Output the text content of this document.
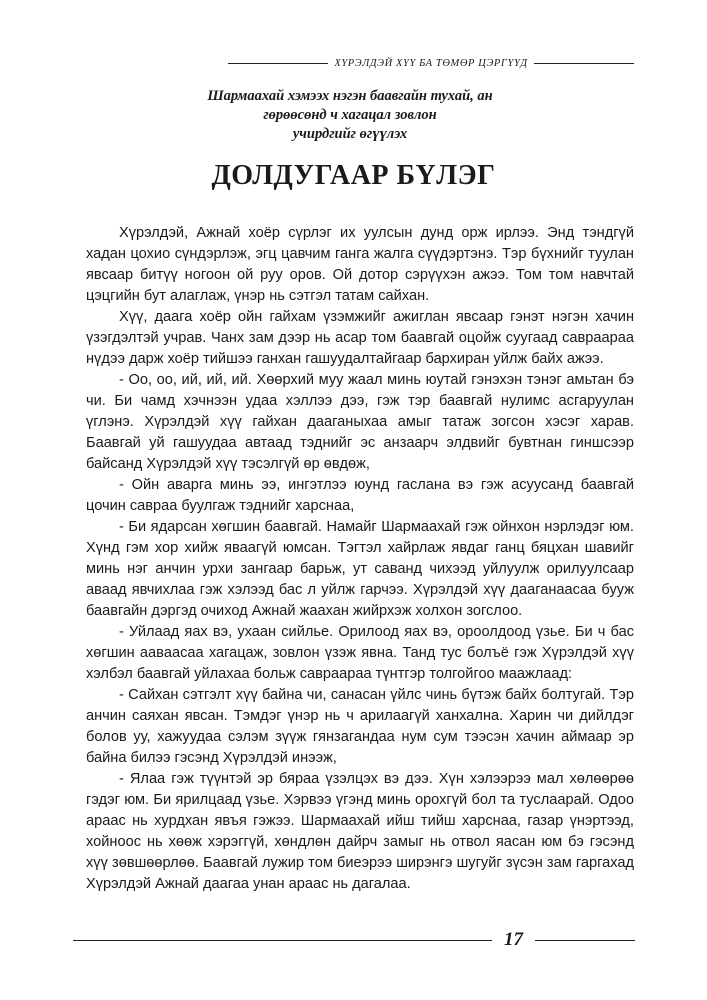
ХҮРЭЛДЭЙ ХҮҮ БА ТӨМӨР ЦЭРГҮҮД
Шармаахай хэмээх нэгэн баавгайн тухай, ан
гөрөөсөнд ч хагацал зовлон
учирдгийг өгүүлэх
ДОЛДУГААР БҮЛЭГ

Хүрэлдэй, Ажнай хоёр сүрлэг их уулсын дунд орж ирлээ. Энд тэндгүй хадан цохио сүндэрлэж, эгц цавчим ганга жалга сүүдэртэнэ. Тэр бүхнийг туулан явсаар битүү ногоон ой руу оров. Ой дотор сэрүүхэн ажээ. Том том навчтай цэцгийн бут алаглаж, үнэр нь сэтгэл татам сайхан.

Хүү, даага хоёр ойн гайхам үзэмжийг ажиглан явсаар гэнэт нэгэн хачин үзэгдэлтэй учрав. Чанх зам дээр нь асар том баавгай оцойж суугаад савраараа нүдээ дарж хоёр тийшээ ганхан гашуудалтайгаар бархиран уйлж байх ажээ.

- Оо, оо, ий, ий, ий. Хөөрхий муу жаал минь юутай гэнэхэн тэнэг амьтан бэ чи. Би чамд хэчнээн удаа хэллээ дээ, гэж тэр баавгай нулимс асгаруулан үглэнэ. Хүрэлдэй хүү гайхан дааганыхаа амыг татаж зогсон хэсэг харав. Баавгай уй гашуудаа автаад тэднийг эс анзаарч элдвийг бувтнан гиншсээр байсанд Хүрэлдэй хүү тэсэлгүй өр өвдөж,

- Ойн аварга минь ээ, ингэтлээ юунд гаслана вэ гэж асуусанд баавгай цочин савраа буулгаж тэднийг харснаа,

- Би ядарсан хөгшин баавгай. Намайг Шармаахай гэж ойнхон нэрлэдэг юм. Хүнд гэм хор хийж яваагүй юмсан. Тэгтэл хайрлаж явдаг ганц бяцхан шавийг минь нэг анчин урхи зангаар барьж, ут саванд чихээд уйлуулж орилуулсаар аваад явчихлаа гэж хэлээд бас л уйлж гарчээ. Хүрэлдэй хүү дааганаасаа бууж баавгайн дэргэд очиход Ажнай жаахан жийрхэж холхон зогслоо.

- Уйлаад яах вэ, ухаан сийлье. Орилоод яах вэ, ороолдоод үзье. Би ч бас хөгшин аавaасаа хагацаж, зовлон үзэж явна. Танд тус болъё гэж Хүрэлдэй хүү хэлбэл баавгай уйлахаа больж савраараа түнтгэр толгойгоо маажлаад:

- Сайхан сэтгэлт хүү байна чи, санасан үйлс чинь бүтэж байх болтугай. Тэр анчин саяхан явсан. Тэмдэг үнэр нь ч арилаагүй ханхална. Харин чи дийлдэг болов уу, хажуудаа сэлэм зүүж гянзагандаа нум сум тээсэн хачин аймаар эр байна билээ гэсэнд Хүрэлдэй инээж,

- Ялаа гэж түүнтэй эр бяраа үзэлцэх вэ дээ. Хүн хэлээрээ мал хөлөөрөө гэдэг юм. Би ярилцаад үзье. Хэрвээ үгэнд минь орохгүй бол та туслаарай. Одоо араас нь хурдхан явъя гэжээ. Шармаахай ийш тийш харснаа, газар үнэртээд, хойноос нь хөөж хэрэггүй, хөндлөн дайрч замыг нь отвол яасан юм бэ гэсэнд хүү зөвшөөрлөө. Баавгай лужир том биеэрээ ширэнгэ шугуйг зүсэн зам гаргахад Хүрэлдэй Ажнай даагаа унан араас нь дагалаа.

17
